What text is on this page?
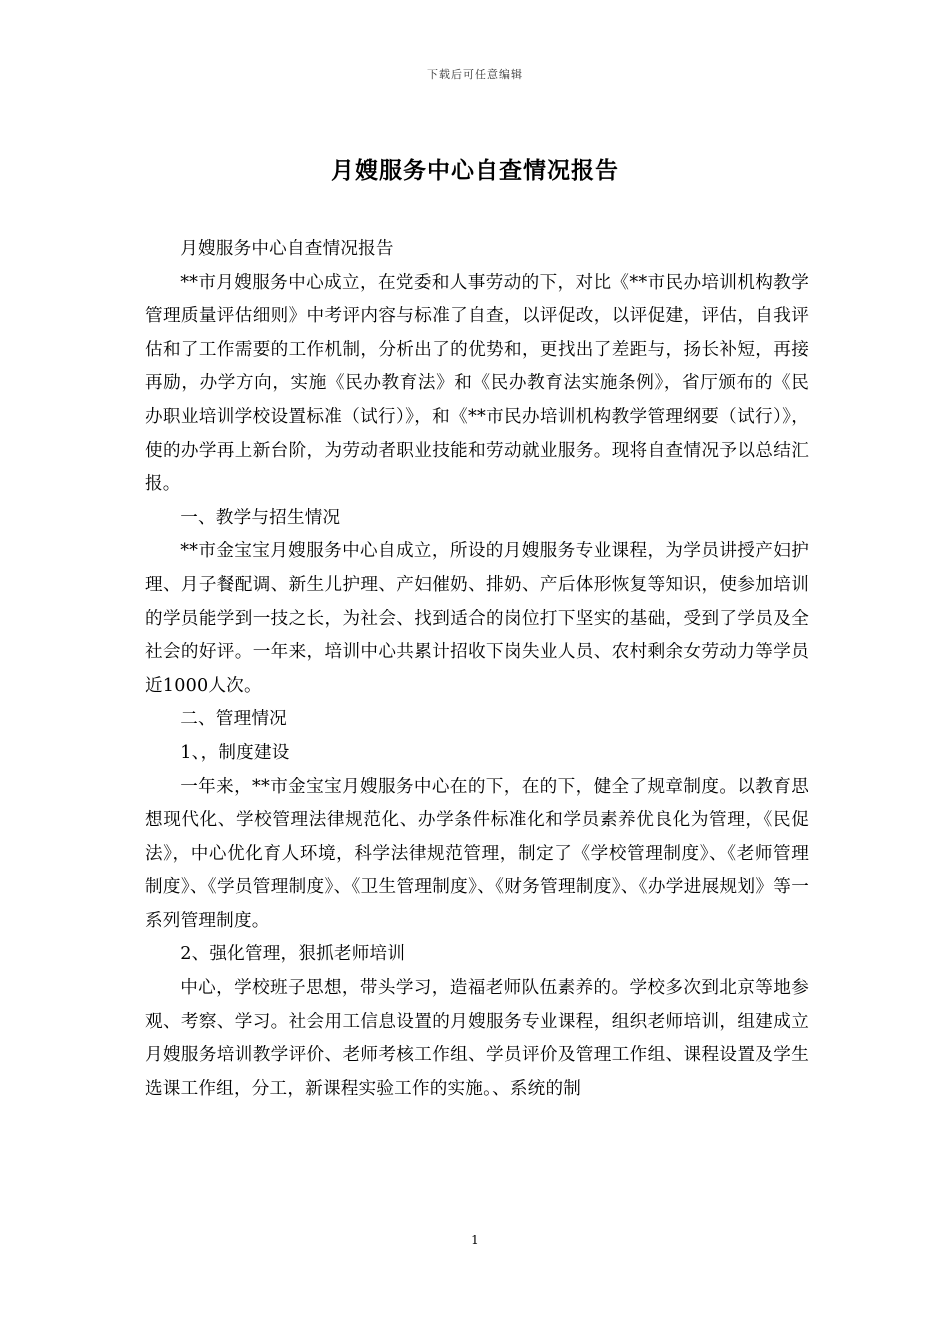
下载后可任意编辑
月嫂服务中心自查情况报告

月嫂服务中心自查情况报告

**市月嫂服务中心成立，在党委和人事劳动的下，对比《**市民办培训机构教学管理质量评估细则》中考评内容与标准了自查，以评促改，以评促建，评估，自我评估和了工作需要的工作机制，分析出了的优势和，更找出了差距与，扬长补短，再接再励，办学方向，实施《民办教育法》和《民办教育法实施条例》，省厅颁布的《民办职业培训学校设置标准（试行）》，和《**市民办培训机构教学管理纲要（试行）》，使的办学再上新台阶，为劳动者职业技能和劳动就业服务。现将自查情况予以总结汇报。

一、教学与招生情况

**市金宝宝月嫂服务中心自成立，所设的月嫂服务专业课程，为学员讲授产妇护理、月子餐配调、新生儿护理、产妇催奶、排奶、产后体形恢复等知识，使参加培训的学员能学到一技之长，为社会、找到适合的岗位打下坚实的基础，受到了学员及全社会的好评。一年来，培训中心共累计招收下岗失业人员、农村剩余女劳动力等学员近1000人次。

二、管理情况

1、，制度建设

一年来，**市金宝宝月嫂服务中心在的下，在的下，健全了规章制度。以教育思想现代化、学校管理法律规范化、办学条件标准化和学员素养优良化为管理，《民促法》，中心优化育人环境，科学法律规范管理，制定了《学校管理制度》、《老师管理制度》、《学员管理制度》、《卫生管理制度》、《财务管理制度》、《办学进展规划》等一系列管理制度。

2、强化管理，狠抓老师培训

中心，学校班子思想，带头学习，造福老师队伍素养的。学校多次到北京等地参观、考察、学习。社会用工信息设置的月嫂服务专业课程，组织老师培训，组建成立月嫂服务培训教学评价、老师考核工作组、学员评价及管理工作组、课程设置及学生选课工作组，分工，新课程实验工作的实施。、系统的制

1
